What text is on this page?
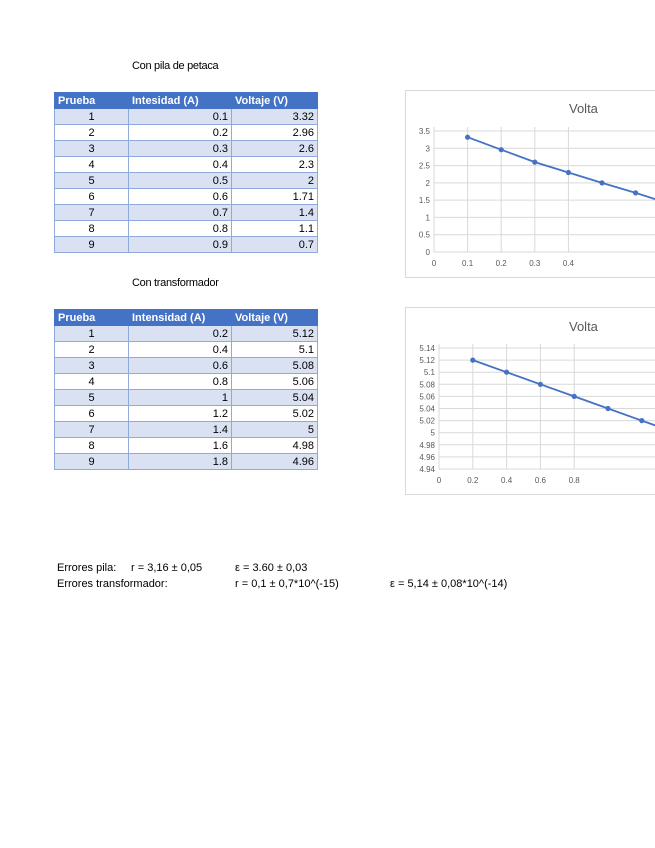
Con pila de petaca
Prueba	Intesidad (A)	Voltaje (V)
1	0.1	3.32
2	0.2	2.96
3	0.3	2.6
4	0.4	2.3
5	0.5	2
6	0.6	1.71
7	0.7	1.4
8	0.8	1.1
9	0.9	0.7
Volta
0
0.5
1
1.5
2
2.5
3
3.5
0	0.1	0.2	0.3	0.4
Con transformador
Prueba	Intensidad (A)	Voltaje (V)
1	0.2	5.12
2	0.4	5.1
3	0.6	5.08
4	0.8	5.06
5	1	5.04
6	1.2	5.02
7	1.4	5
8	1.6	4.98
9	1.8	4.96
Volta
4.94
4.96
4.98
5
5.02
5.04
5.06
5.08
5.1
5.12
5.14
0	0.2	0.4	0.6	0.8
Errores pila: r = 3,16 ± 0,05	ε = 3.60 ± 0,03
Errores transformador:	r = 0,1 ± 0,7*10^(-15)	ε = 5,14 ± 0,08*10^(-14)
